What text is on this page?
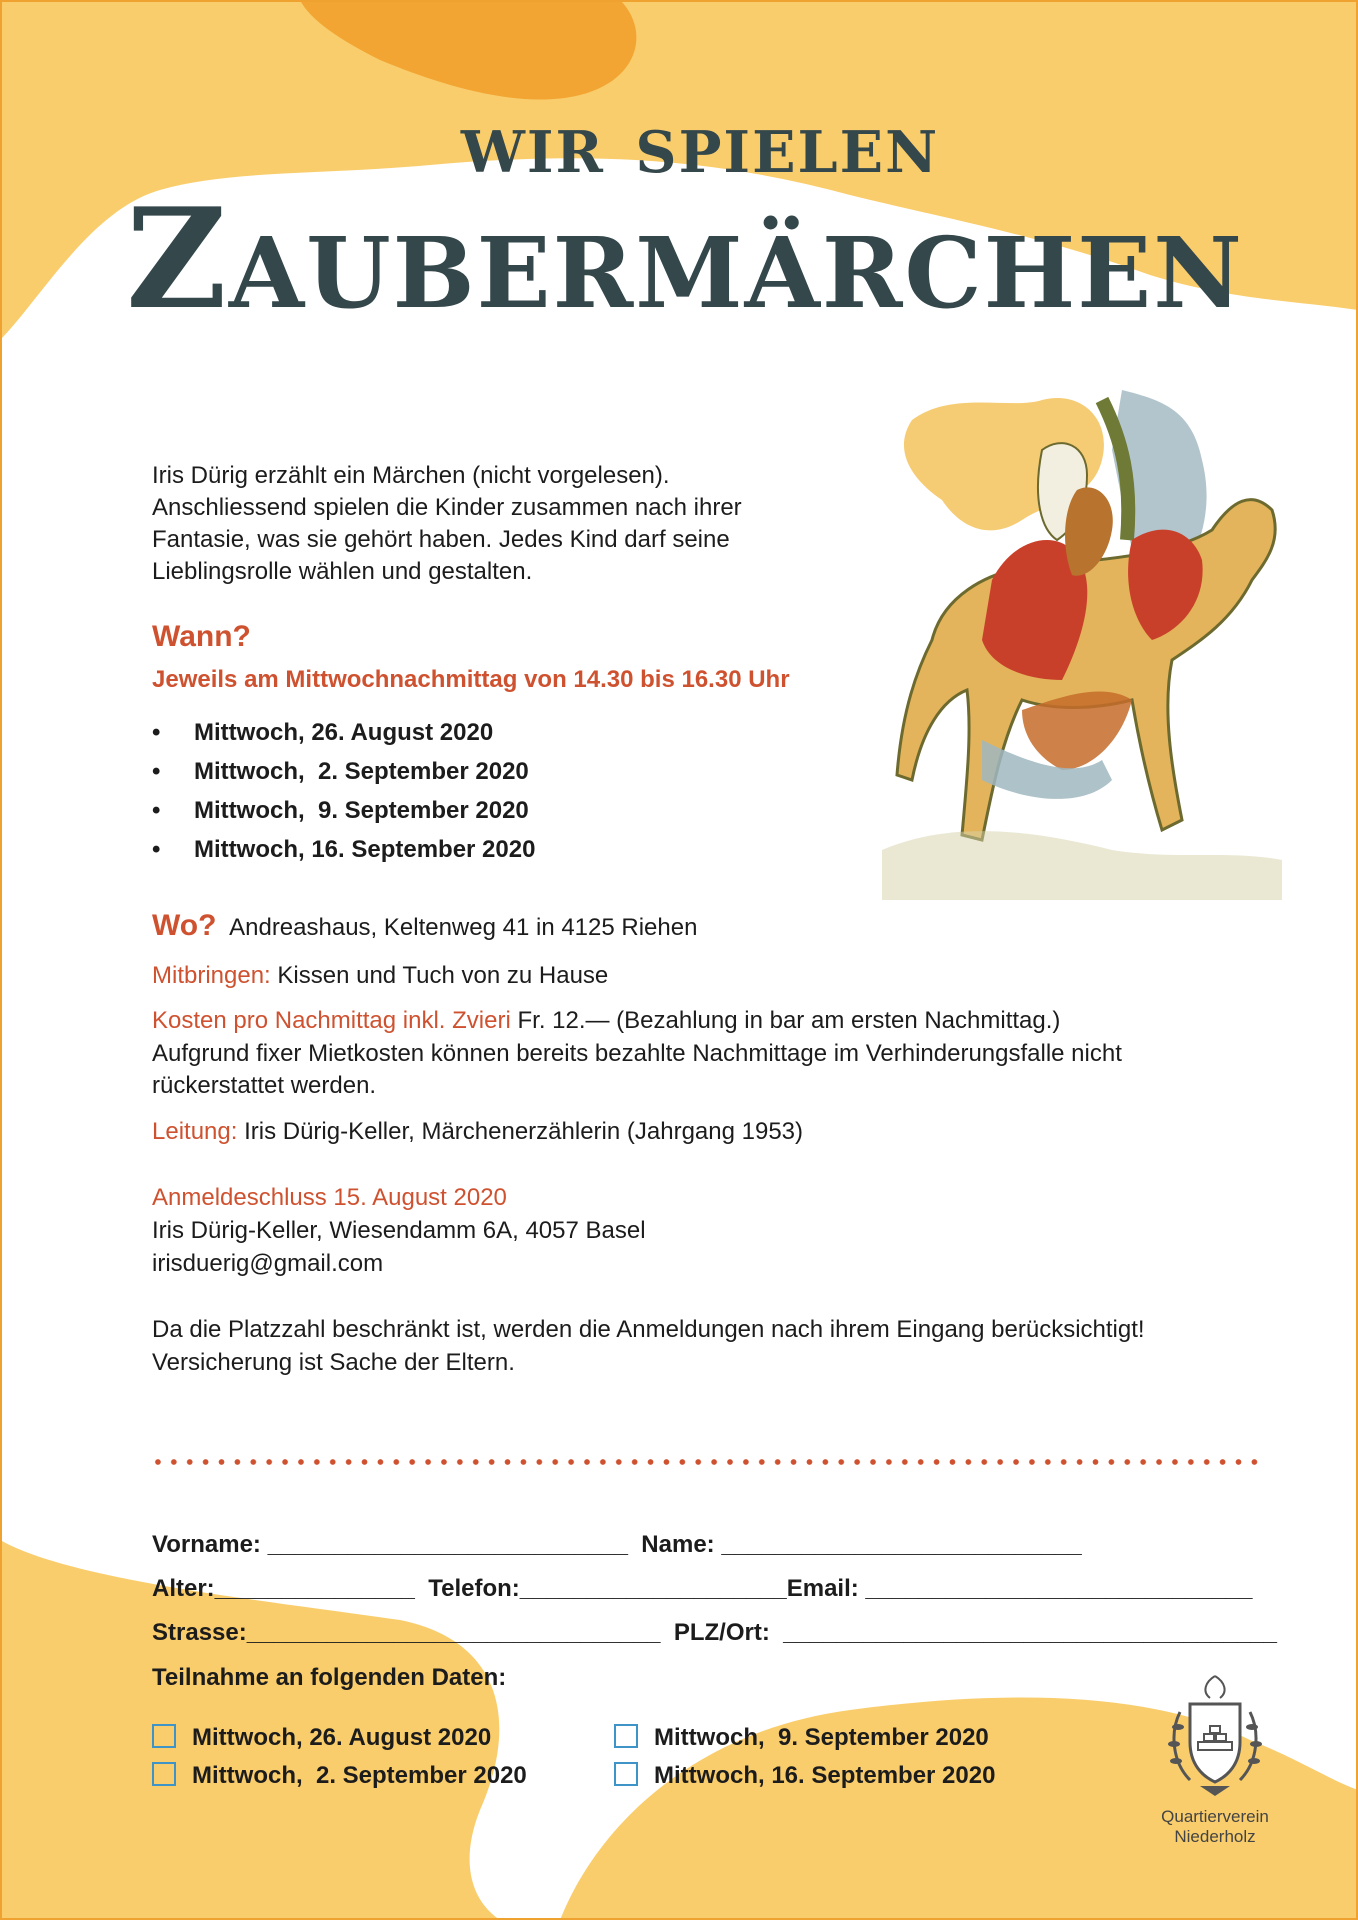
wir spielen
Zaubermärchen
Iris Dürig erzählt ein Märchen (nicht vorgelesen).
Anschliessend spielen die Kinder zusammen nach ihrer
Fantasie, was sie gehört haben. Jedes Kind darf seine
Lieblingsrolle wählen und gestalten.
Wann?
Jeweils am Mittwochnachmittag von 14.30 bis 16.30 Uhr
• Mittwoch, 26. August 2020
• Mittwoch,  2. September 2020
• Mittwoch,  9. September 2020
• Mittwoch, 16. September 2020
Wo? Andreashaus, Keltenweg 41 in 4125 Riehen
Mitbringen: Kissen und Tuch von zu Hause
Kosten pro Nachmittag inkl. Zvieri Fr. 12.— (Bezahlung in bar am ersten Nachmittag.)
Aufgrund fixer Mietkosten können bereits bezahlte Nachmittage im Verhinderungsfalle nicht
rückerstattet werden.
Leitung: Iris Dürig-Keller, Märchenerzählerin (Jahrgang 1953)
Anmeldeschluss 15. August 2020
Iris Dürig-Keller, Wiesendamm 6A, 4057 Basel
irisduerig@gmail.com
Da die Platzzahl beschränkt ist, werden die Anmeldungen nach ihrem Eingang berücksichtigt!
Versicherung ist Sache der Eltern.
Vorname: ___________________________  Name: ___________________________
Alter:_______________  Telefon:____________________Email: _____________________________
Strasse:_______________________________  PLZ/Ort:  _____________________________________
Teilnahme an folgenden Daten:
Mittwoch, 26. August 2020
Mittwoch,  2. September 2020
Mittwoch,  9. September 2020
Mittwoch, 16. September 2020
Quartierverein
Niederholz
